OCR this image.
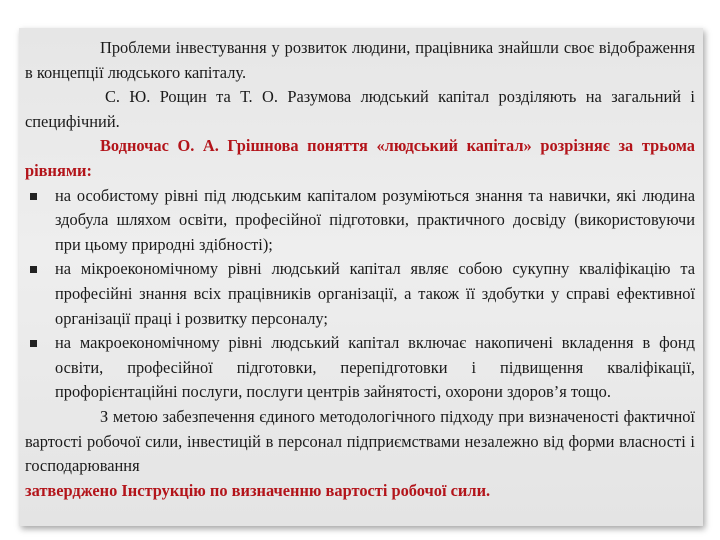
Проблеми інвестування у розвиток людини, працівника знайшли своє відображення в концепції людського капіталу.

С. Ю. Рощин та Т. О. Разумова людський капітал розділяють на загальний і специфічний.

Водночас О. А. Грішнова поняття «людський капітал» розрізняє за трьома рівнями:

на особистому рівні під людським капіталом розуміються знання та навички, які людина здобула шляхом освіти, професійної підготовки, практичного досвіду (використовуючи при цьому природні здібності);

на мікроекономічному рівні людський капітал являє собою сукупну кваліфікацію та професійні знання всіх працівників організації, а також її здобутки у справі ефективної організації праці і розвитку персоналу;

на макроекономічному рівні людський капітал включає накопичені вкладення в фонд освіти, професійної підготовки, перепідготовки і підвищення кваліфікації, профорієнтаційні послуги, послуги центрів зайнятості, охорони здоров’я тощо.

З метою забезпечення єдиного методологічного підходу при визначеності фактичної вартості робочої сили, інвестицій в персонал підприємствами незалежно від форми власності і господарювання

затверджено Інструкцію по визначенню вартості робочої сили.
